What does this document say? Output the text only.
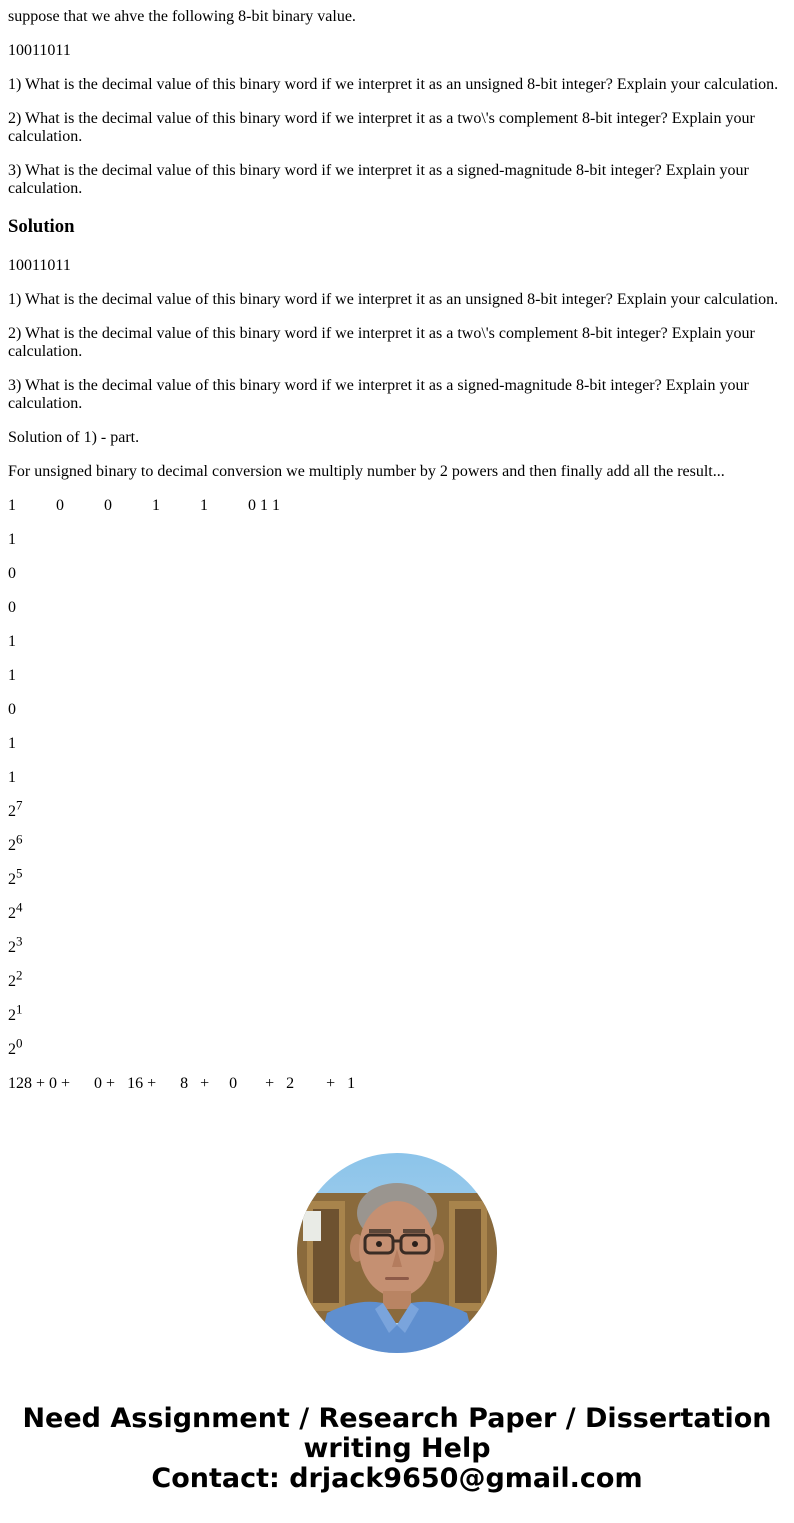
suppose that we ahve the following 8-bit binary value.

10011011

1) What is the decimal value of this binary word if we interpret it as an unsigned 8-bit integer? Explain your calculation.

2) What is the decimal value of this binary word if we interpret it as a two\'s complement 8-bit integer? Explain your calculation.

3) What is the decimal value of this binary word if we interpret it as a signed-magnitude 8-bit integer? Explain your calculation.

Solution

10011011

1) What is the decimal value of this binary word if we interpret it as an unsigned 8-bit integer? Explain your calculation.

2) What is the decimal value of this binary word if we interpret it as a two\'s complement 8-bit integer? Explain your calculation.

3) What is the decimal value of this binary word if we interpret it as a signed-magnitude 8-bit integer? Explain your calculation.

Solution of 1) - part.

For unsigned binary to decimal conversion we multiply number by 2 powers and then finally add all the result...

1          0          0          1          1          0 1 1

1

0

0

1

1

0

1

1

$2^7$

$2^6$

$2^5$

$2^4$

$2^3$

$2^2$

$2^1$

$2^0$

128 + 0 +      0 +   16 +      8   +     0       +   2        +   1

Need Assignment / Research Paper / Dissertation
writing Help
Contact: drjack9650@gmail.com
